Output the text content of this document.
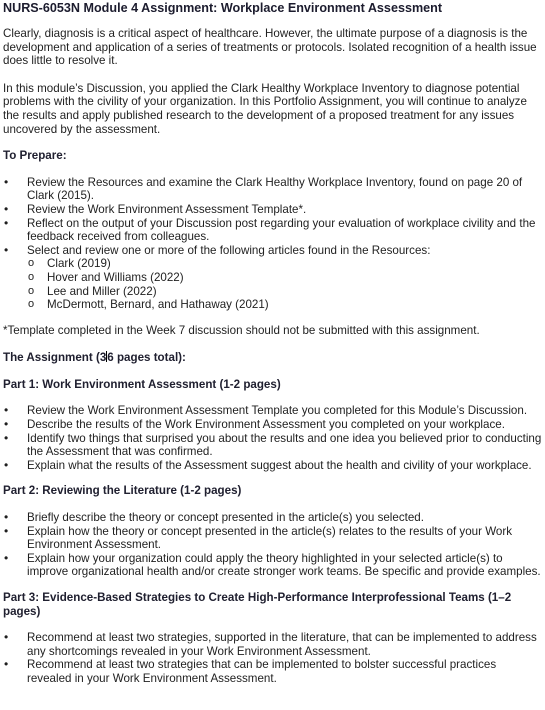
NURS-6053N Module 4 Assignment: Workplace Environment Assessment

Clearly, diagnosis is a critical aspect of healthcare. However, the ultimate purpose of a diagnosis is the development and application of a series of treatments or protocols. Isolated recognition of a health issue does little to resolve it.

In this module’s Discussion, you applied the Clark Healthy Workplace Inventory to diagnose potential problems with the civility of your organization. In this Portfolio Assignment, you will continue to analyze the results and apply published research to the development of a proposed treatment for any issues uncovered by the assessment.

To Prepare:
• Review the Resources and examine the Clark Healthy Workplace Inventory, found on page 20 of Clark (2015).
• Review the Work Environment Assessment Template*.
• Reflect on the output of your Discussion post regarding your evaluation of workplace civility and the feedback received from colleagues.
• Select and review one or more of the following articles found in the Resources:
o Clark (2019)
o Hover and Williams (2022)
o Lee and Miller (2022)
o McDermott, Bernard, and Hathaway (2021)

*Template completed in the Week 7 discussion should not be submitted with this assignment.

The Assignment (36 pages total):
Part 1: Work Environment Assessment (1-2 pages)
• Review the Work Environment Assessment Template you completed for this Module’s Discussion.
• Describe the results of the Work Environment Assessment you completed on your workplace.
• Identify two things that surprised you about the results and one idea you believed prior to conducting the Assessment that was confirmed.
• Explain what the results of the Assessment suggest about the health and civility of your workplace.
Part 2: Reviewing the Literature (1-2 pages)
• Briefly describe the theory or concept presented in the article(s) you selected.
• Explain how the theory or concept presented in the article(s) relates to the results of your Work Environment Assessment.
• Explain how your organization could apply the theory highlighted in your selected article(s) to improve organizational health and/or create stronger work teams. Be specific and provide examples.
Part 3: Evidence-Based Strategies to Create High-Performance Interprofessional Teams (1–2 pages)
• Recommend at least two strategies, supported in the literature, that can be implemented to address any shortcomings revealed in your Work Environment Assessment.
• Recommend at least two strategies that can be implemented to bolster successful practices revealed in your Work Environment Assessment.
